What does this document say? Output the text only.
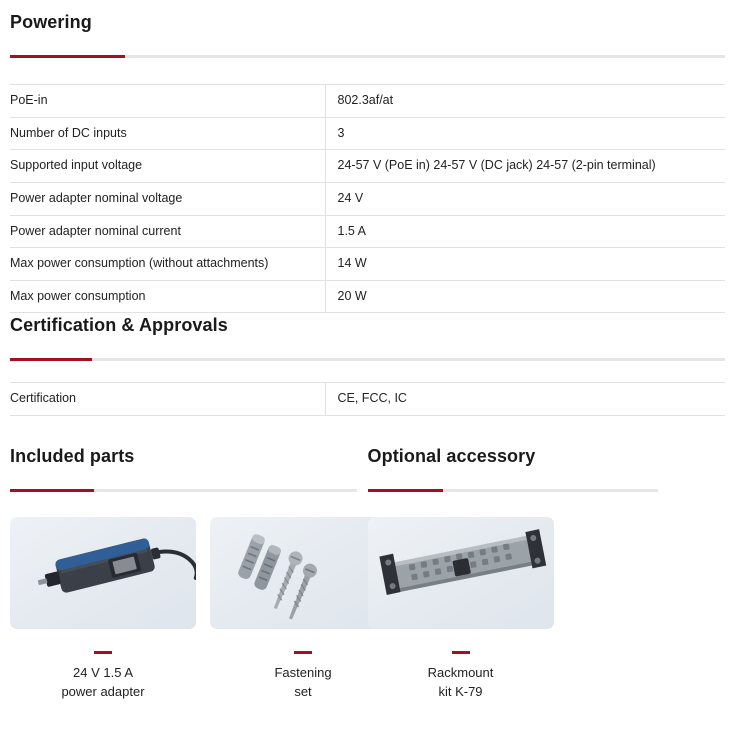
Powering
PoE-in	802.3af/at
Number of DC inputs	3
Supported input voltage	24-57 V (PoE in) 24-57 V (DC jack) 24-57 (2-pin terminal)
Power adapter nominal voltage	24 V
Power adapter nominal current	1.5 A
Max power consumption (without attachments)	14 W
Max power consumption	20 W
Certification & Approvals
Certification	CE, FCC, IC
Included parts
24 V 1.5 A
power adapter
Fastening
set
Optional accessory
Rackmount
kit K-79
